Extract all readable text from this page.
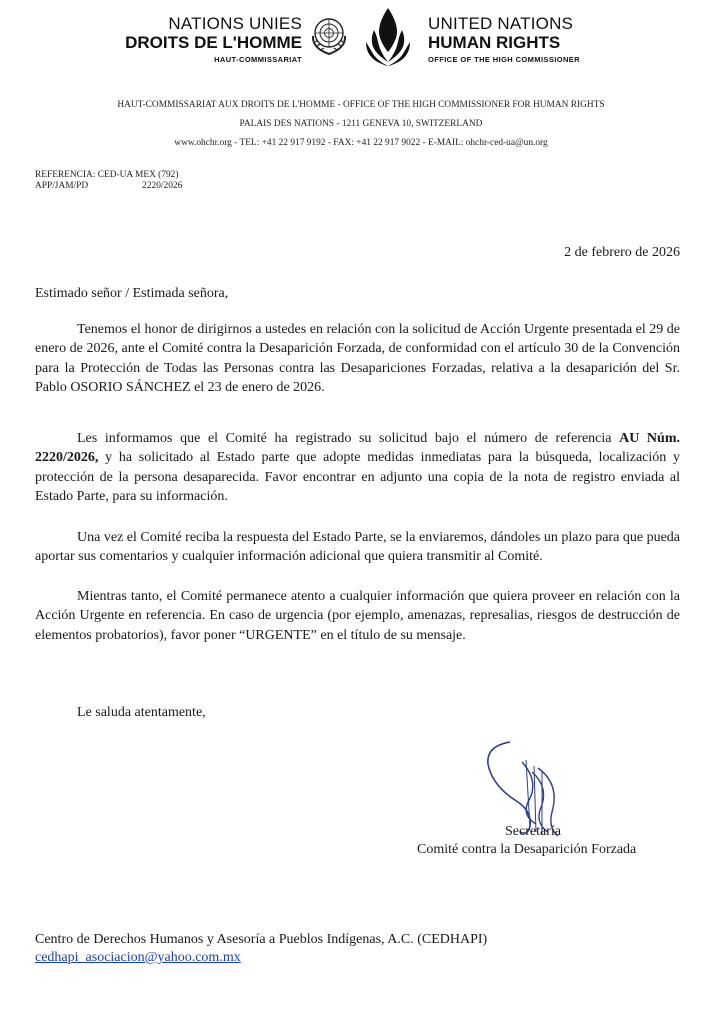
NATIONS UNIES
DROITS DE L'HOMME
HAUT-COMMISSARIAT
UNITED NATIONS
HUMAN RIGHTS
OFFICE OF THE HIGH COMMISSIONER
HAUT-COMMISSARIAT AUX DROITS DE L'HOMME - OFFICE OF THE HIGH COMMISSIONER FOR HUMAN RIGHTS
PALAIS DES NATIONS - 1211 GENEVA 10, SWITZERLAND
www.ohchr.org - TEL: +41 22 917 9192 - FAX: +41 22 917 9022 - E-MAIL: ohchr-ced-ua@un.org
REFERENCIA: CED-UA MEX (792)
APP/JAM/PD	2220/2026
2 de febrero de 2026
Estimado señor / Estimada señora,

Tenemos el honor de dirigirnos a ustedes en relación con la solicitud de Acción Urgente presentada el 29 de enero de 2026, ante el Comité contra la Desaparición Forzada, de conformidad con el artículo 30 de la Convención para la Protección de Todas las Personas contra las Desapariciones Forzadas, relativa a la desaparición del Sr. Pablo OSORIO SÁNCHEZ el 23 de enero de 2026.

Les informamos que el Comité ha registrado su solicitud bajo el número de referencia AU Núm. 2220/2026, y ha solicitado al Estado parte que adopte medidas inmediatas para la búsqueda, localización y protección de la persona desaparecida. Favor encontrar en adjunto una copia de la nota de registro enviada al Estado Parte, para su información.

Una vez el Comité reciba la respuesta del Estado Parte, se la enviaremos, dándoles un plazo para que pueda aportar sus comentarios y cualquier información adicional que quiera transmitir al Comité.

Mientras tanto, el Comité permanece atento a cualquier información que quiera proveer en relación con la Acción Urgente en referencia. En caso de urgencia (por ejemplo, amenazas, represalias, riesgos de destrucción de elementos probatorios), favor poner “URGENTE” en el título de su mensaje.

Le saluda atentamente,
Secretaría
Comité contra la Desaparición Forzada
Centro de Derechos Humanos y Asesoría a Pueblos Indígenas, A.C. (CEDHAPI)
cedhapi_asociacion@yahoo.com.mx
